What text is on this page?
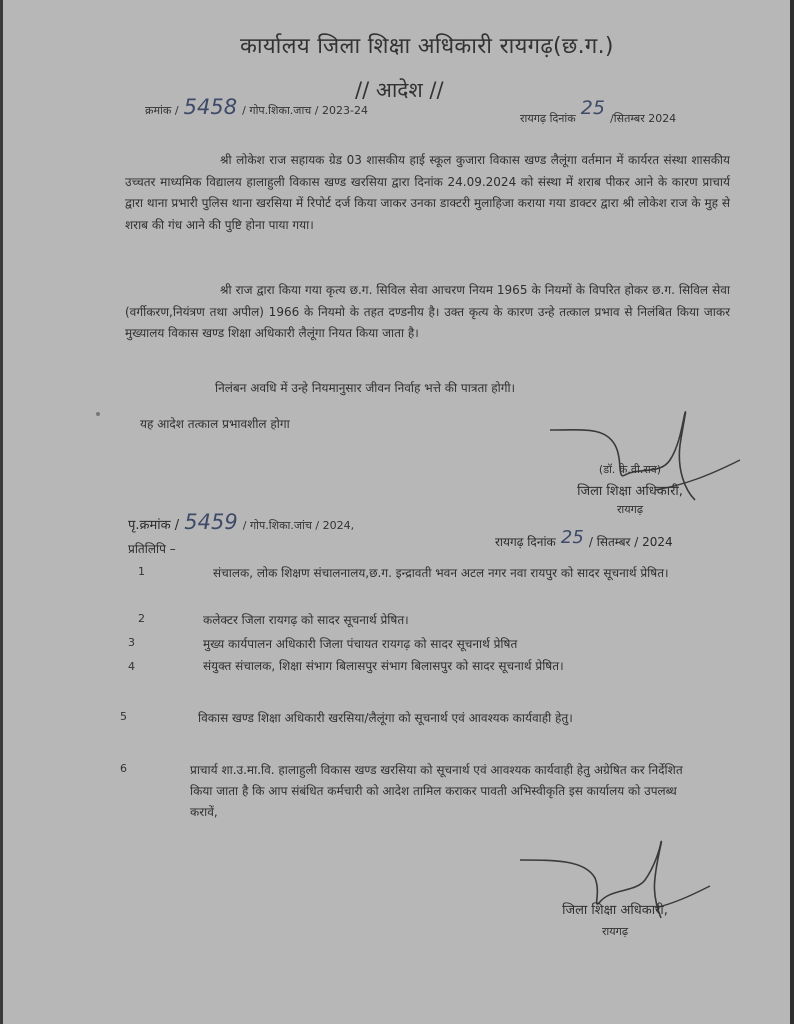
कार्यालय जिला शिक्षा अधिकारी रायगढ़(छ.ग.)
// आदेश //
क्रमांक / 5458 / गोप.शिका.जाच / 2023-24
रायगढ़ दिनांक 25 /सितम्बर 2024
श्री लोकेश राज सहायक ग्रेड 03 शासकीय हाई स्कूल कुजारा विकास खण्ड लैलूंगा वर्तमान में कार्यरत संस्था शासकीय उच्चतर माध्यमिक विद्यालय हालाहुली विकास खण्ड खरसिया द्वारा दिनांक 24.09.2024 को संस्था में शराब पीकर आने के कारण प्राचार्य द्वारा थाना प्रभारी पुलिस थाना खरसिया में रिपोर्ट दर्ज किया जाकर उनका डाक्टरी मुलाहिजा कराया गया डाक्टर द्वारा श्री लोकेश राज के मुह से शराब की गंध आने की पुष्टि होना पाया गया।
श्री राज द्वारा किया गया कृत्य छ.ग. सिविल सेवा आचरण नियम 1965 के नियमों के विपरित होकर छ.ग. सिविल सेवा (वर्गीकरण,नियंत्रण तथा अपील) 1966 के नियमो के तहत दण्डनीय है। उक्त कृत्य के कारण उन्हे तत्काल प्रभाव से निलंबित किया जाकर मुख्यालय विकास खण्ड शिक्षा अधिकारी लैलूंगा नियत किया जाता है।
निलंबन अवधि में उन्हे नियमानुसार जीवन निर्वाह भत्ते की पात्रता होगी।
यह आदेश तत्काल प्रभावशील होगा
(डॉ. के.वी.राव)
जिला शिक्षा अधिकारी,
रायगढ़
पृ.क्रमांक / 5459 / गोप.शिका.जांच / 2024,
रायगढ़ दिनांक 25 / सितम्बर / 2024
प्रतिलिपि –
1	संचालक, लोक शिक्षण संचालनालय,छ.ग. इन्द्रावती भवन अटल नगर नवा रायपुर को सादर सूचनार्थ प्रेषित।
2	कलेक्टर जिला रायगढ़ को सादर सूचनार्थ प्रेषित।
3	मुख्य कार्यपालन अधिकारी जिला पंचायत रायगढ़ को सादर सूचनार्थ प्रेषित
4	संयुक्त संचालक, शिक्षा संभाग बिलासपुर संभाग बिलासपुर को सादर सूचनार्थ प्रेषित।
5	विकास खण्ड शिक्षा अधिकारी खरसिया/लैलूंगा को सूचनार्थ एवं आवश्यक कार्यवाही हेतु।
6	प्राचार्य शा.उ.मा.वि. हालाहुली विकास खण्ड खरसिया को सूचनार्थ एवं आवश्यक कार्यवाही हेतु अग्रेषित कर निर्देशित किया जाता है कि आप संबंधित कर्मचारी को आदेश तामिल कराकर पावती अभिस्वीकृति इस कार्यालय को उपलब्ध करावें,
जिला शिक्षा अधिकारी,
रायगढ़
